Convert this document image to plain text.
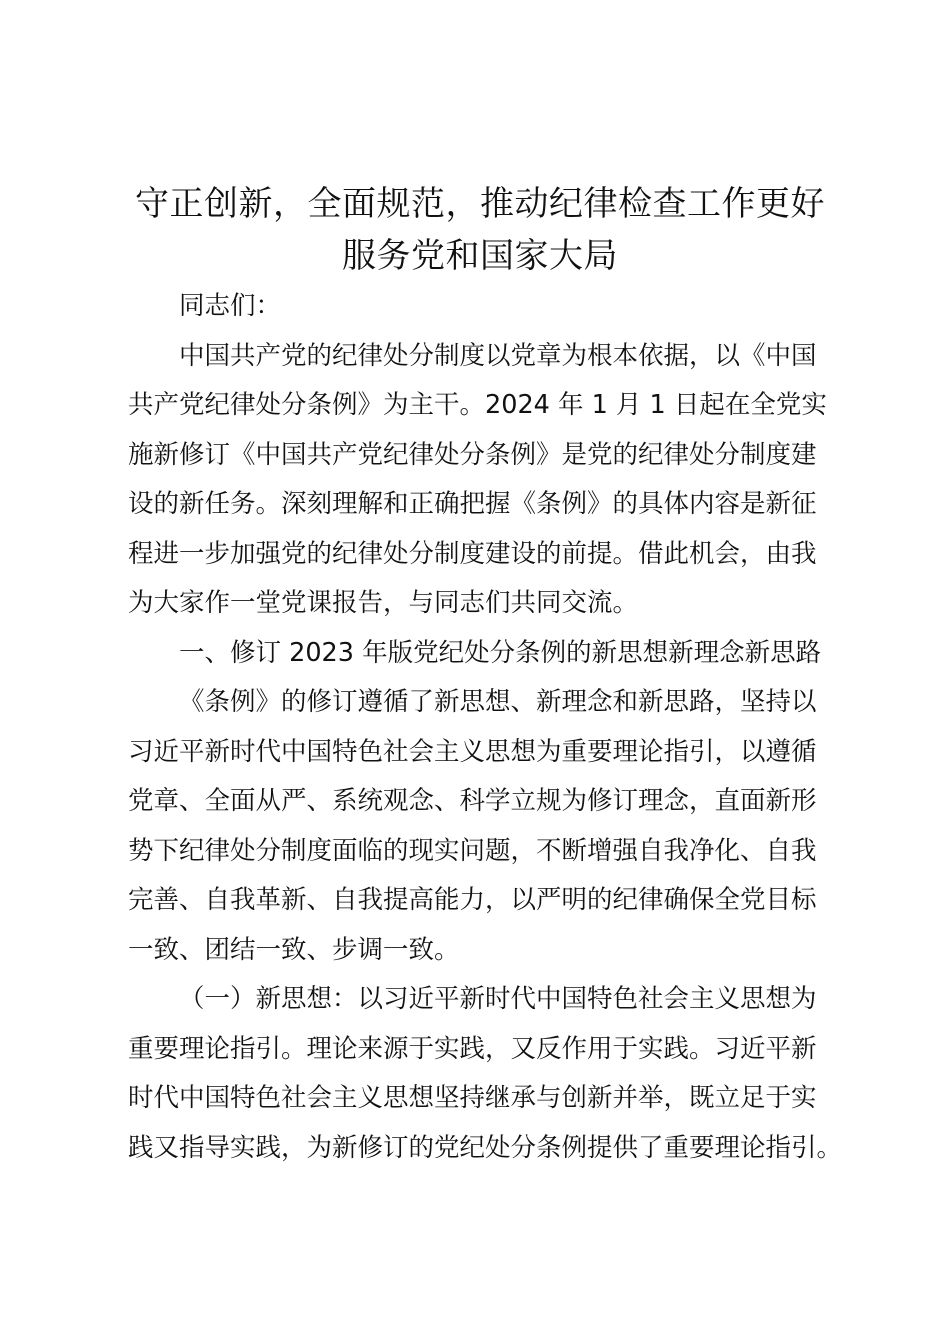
守正创新，全面规范，推动纪律检查工作更好
服务党和国家大局
同志们：
中国共产党的纪律处分制度以党章为根本依据，以《中国
共产党纪律处分条例》为主干。2024 年 1 月 1 日起在全党实
施新修订《中国共产党纪律处分条例》是党的纪律处分制度建
设的新任务。深刻理解和正确把握《条例》的具体内容是新征
程进一步加强党的纪律处分制度建设的前提。借此机会，由我
为大家作一堂党课报告，与同志们共同交流。
一、修订 2023 年版党纪处分条例的新思想新理念新思路
《条例》的修订遵循了新思想、新理念和新思路，坚持以
习近平新时代中国特色社会主义思想为重要理论指引，以遵循
党章、全面从严、系统观念、科学立规为修订理念，直面新形
势下纪律处分制度面临的现实问题，不断增强自我净化、自我
完善、自我革新、自我提高能力，以严明的纪律确保全党目标
一致、团结一致、步调一致。
（一）新思想：以习近平新时代中国特色社会主义思想为
重要理论指引。理论来源于实践，又反作用于实践。习近平新
时代中国特色社会主义思想坚持继承与创新并举，既立足于实
践又指导实践，为新修订的党纪处分条例提供了重要理论指引。
